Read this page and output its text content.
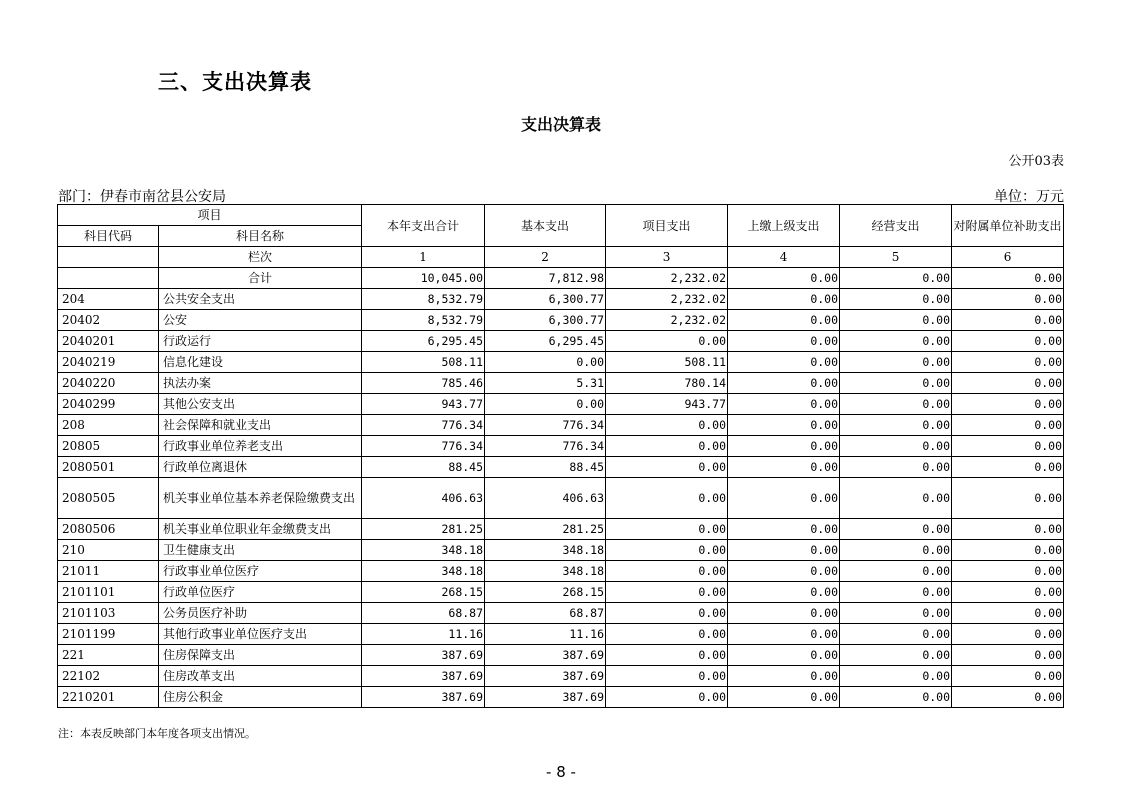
三、支出决算表
支出决算表
公开03表
部门：伊春市南岔县公安局	单位：万元
项目		本年支出合计	基本支出	项目支出	上缴上级支出	经营支出	对附属单位补助支出
科目代码	科目名称						
	栏次	1	2	3	4	5	6
	合计	10,045.00	7,812.98	2,232.02	0.00	0.00	0.00
204	公共安全支出	8,532.79	6,300.77	2,232.02	0.00	0.00	0.00
20402	公安	8,532.79	6,300.77	2,232.02	0.00	0.00	0.00
2040201	行政运行	6,295.45	6,295.45	0.00	0.00	0.00	0.00
2040219	信息化建设	508.11	0.00	508.11	0.00	0.00	0.00
2040220	执法办案	785.46	5.31	780.14	0.00	0.00	0.00
2040299	其他公安支出	943.77	0.00	943.77	0.00	0.00	0.00
208	社会保障和就业支出	776.34	776.34	0.00	0.00	0.00	0.00
20805	行政事业单位养老支出	776.34	776.34	0.00	0.00	0.00	0.00
2080501	行政单位离退休	88.45	88.45	0.00	0.00	0.00	0.00
2080505	机关事业单位基本养老保险缴费支出	406.63	406.63	0.00	0.00	0.00	0.00
2080506	机关事业单位职业年金缴费支出	281.25	281.25	0.00	0.00	0.00	0.00
210	卫生健康支出	348.18	348.18	0.00	0.00	0.00	0.00
21011	行政事业单位医疗	348.18	348.18	0.00	0.00	0.00	0.00
2101101	行政单位医疗	268.15	268.15	0.00	0.00	0.00	0.00
2101103	公务员医疗补助	68.87	68.87	0.00	0.00	0.00	0.00
2101199	其他行政事业单位医疗支出	11.16	11.16	0.00	0.00	0.00	0.00
221	住房保障支出	387.69	387.69	0.00	0.00	0.00	0.00
22102	住房改革支出	387.69	387.69	0.00	0.00	0.00	0.00
2210201	住房公积金	387.69	387.69	0.00	0.00	0.00	0.00
注：本表反映部门本年度各项支出情况。
- 8 -
